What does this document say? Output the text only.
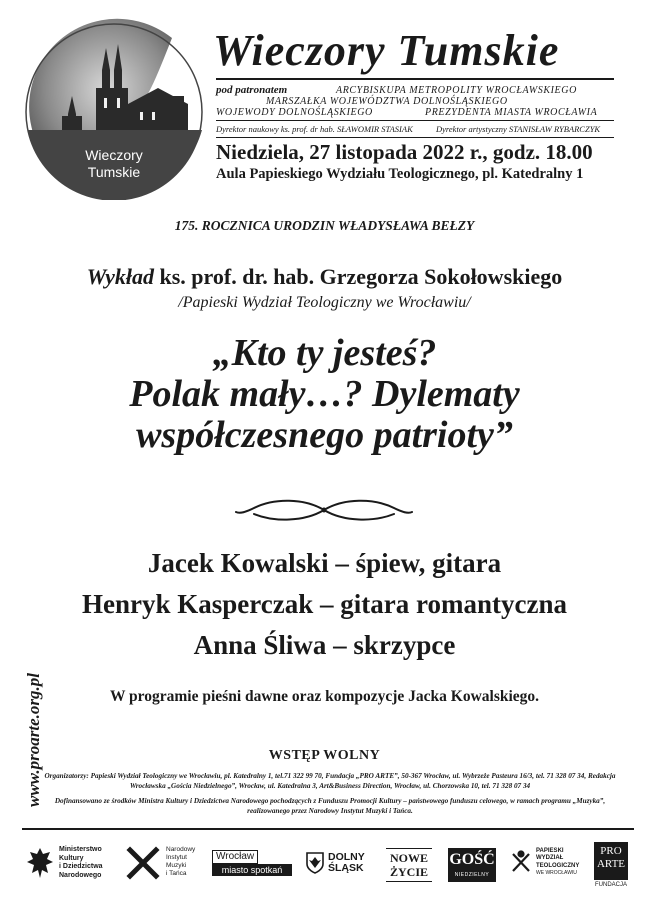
Wieczory
Tumskie
Wieczory Tumskie
pod patronatem	ARCYBISKUPA METROPOLITY WROCŁAWSKIEGO
MARSZAŁKA WOJEWÓDZTWA DOLNOŚLĄSKIEGO
WOJEWODY DOLNOŚLĄSKIEGO	PREZYDENTA MIASTA WROCŁAWIA
Dyrektor naukowy ks. prof. dr hab. SŁAWOMIR STASIAK	Dyrektor artystyczny STANISŁAW RYBARCZYK
Niedziela, 27 listopada 2022 r., godz. 18.00
Aula Papieskiego Wydziału Teologicznego, pl. Katedralny 1
175. ROCZNICA URODZIN WŁADYSŁAWA BEŁZY
Wykład ks. prof. dr. hab. Grzegorza Sokołowskiego
/Papieski Wydział Teologiczny we Wrocławiu/
„Kto ty jesteś?
Polak mały…? Dylematy
współczesnego patrioty”
Jacek Kowalski – śpiew, gitara
Henryk Kasperczak – gitara romantyczna
Anna Śliwa – skrzypce
W programie pieśni dawne oraz kompozycje Jacka Kowalskiego.
WSTĘP WOLNY
Organizatorzy: Papieski Wydział Teologiczny we Wrocławiu, pl. Katedralny 1, tel.71 322 99 70, Fundacja „PRO ARTE”, 50-367 Wrocław, ul. Wybrzeże Pasteura 16/3, tel. 71 328 07 34, Redakcja Wrocławska „Gościa Niedzielnego”, Wrocław, ul. Katedralna 3, Art&Business Direction, Wrocław, ul. Chorzowska 10, tel. 71 328 07 34
Dofinansowano ze środków Ministra Kultury i Dziedzictwa Narodowego pochodzących z Funduszu Promocji Kultury – państwowego funduszu celowego, w ramach programu „Muzyka”, realizowanego przez Narodowy Instytut Muzyki i Tańca.
www.proarte.org.pl
Ministerstwo
Kultury
i Dziedzictwa
Narodowego
Narodowy
Instytut
Muzyki
i Tańca
Wrocław
miasto spotkań
DOLNY
ŚLĄSK
NOWE ŻYCIE
GOŚĆ
NIEDZIELNY
PAPIESKI
WYDZIAŁ
TEOLOGICZNY
WE WROCŁAWIU
PRO
ARTE
FUNDACJA
